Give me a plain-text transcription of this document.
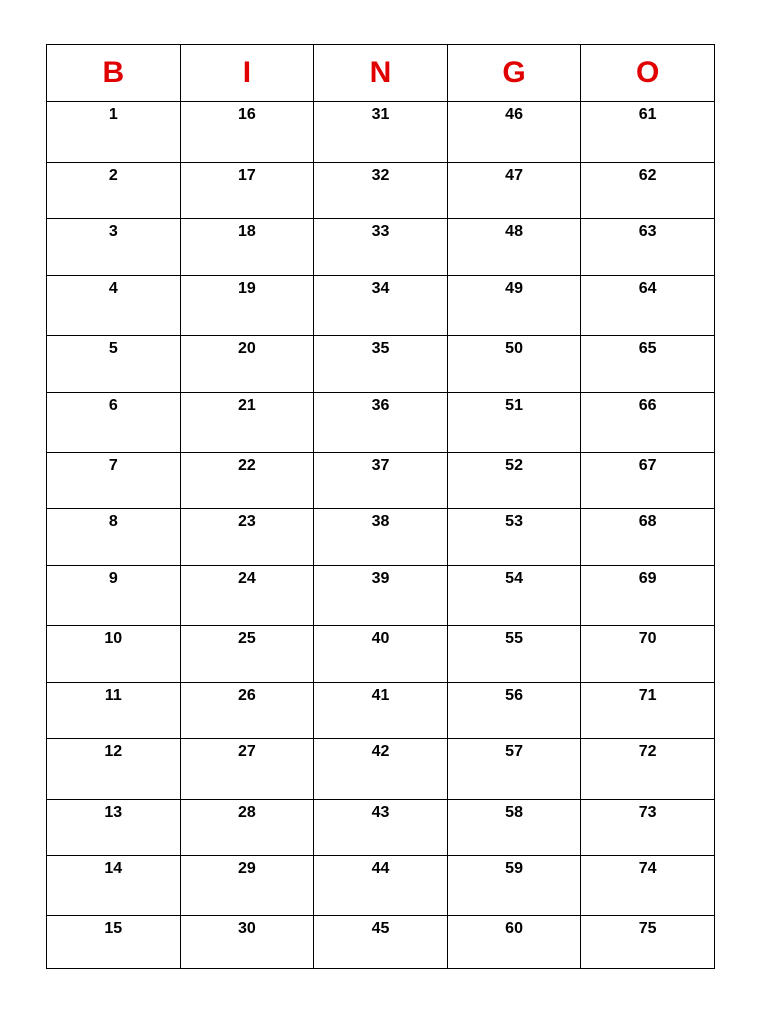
B	I	N	G	O
1	16	31	46	61
2	17	32	47	62
3	18	33	48	63
4	19	34	49	64
5	20	35	50	65
6	21	36	51	66
7	22	37	52	67
8	23	38	53	68
9	24	39	54	69
10	25	40	55	70
11	26	41	56	71
12	27	42	57	72
13	28	43	58	73
14	29	44	59	74
15	30	45	60	75
